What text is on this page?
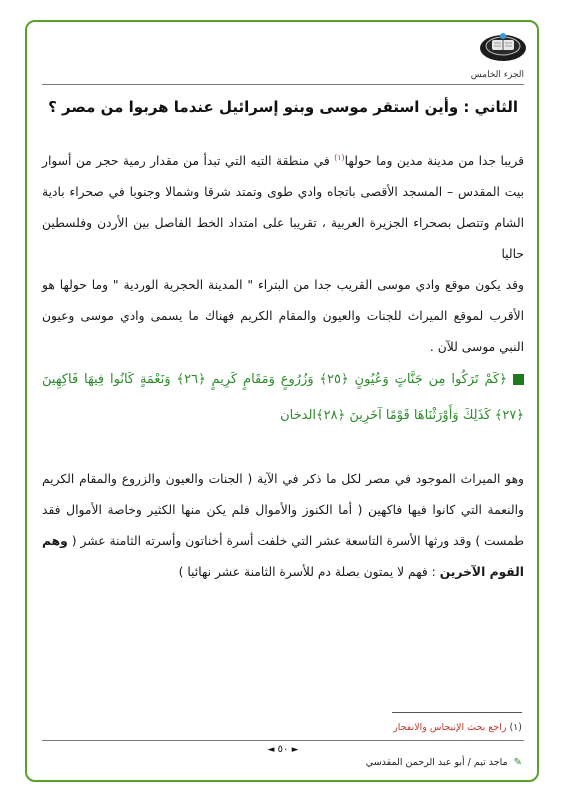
الجزء الخامس
الثاني : وأين استقر موسى وبنو إسرائيل عندما هربوا من مصر ؟
قريبا جدا من مدينة مدين وما حولها$^{(١)}$ في منطقة التيه التي تبدأ من مقدار رمية حجر من أسوار بيت المقدس – المسجد الأقصى باتجاه وادي طوى وتمتد شرقا وشمالا وجنوبا في صحراء بادية الشام وتتصل بصحراء الجزيرة العربية ، تقريبا على امتداد الخط الفاصل بين الأردن وفلسطين حاليا
وقد يكون موقع وادي موسى القريب جدا من البتراء " المدينة الحجرية الوردية " وما حولها هو الأقرب لموقع الميراث للجنات والعيون والمقام الكريم فهناك ما يسمى وادي موسى وعيون النبي موسى للآن .
﴿كَمْ تَرَكُوا مِن جَنَّاتٍ وَعُيُونٍ ﴿٢٥﴾ وَزُرُوعٍ وَمَقَامٍ كَرِيمٍ ﴿٢٦﴾ وَنَعْمَةٍ كَانُوا فِيهَا فَاكِهِينَ ﴿٢٧﴾ كَذَلِكَ وَأَوْرَثْنَاهَا قَوْمًا آخَرِينَ ﴿٢٨﴾الدخان
وهو الميراث الموجود في مصر لكل ما ذكر في الآية ( الجنات والعيون والزروع والمقام الكريم والنعمة التي كانوا فيها فاكهين ( أما الكنوز والأموال فلم يكن منها الكثير وخاصة الأموال فقد طمست ) وقد ورثها الأسرة التاسعة عشر التي خلفت أسرة أخناتون وأسرته الثامنة عشر ( وهم القوم الآخرين : فهم لا يمتون بصلة دم للأسرة الثامنة عشر نهائيا )
(١) راجع بحث الإنبجاس والانفجار
◄ ٥٠ ►
✎ ماجد تيم / أبو عبد الرحمن المقدسي
